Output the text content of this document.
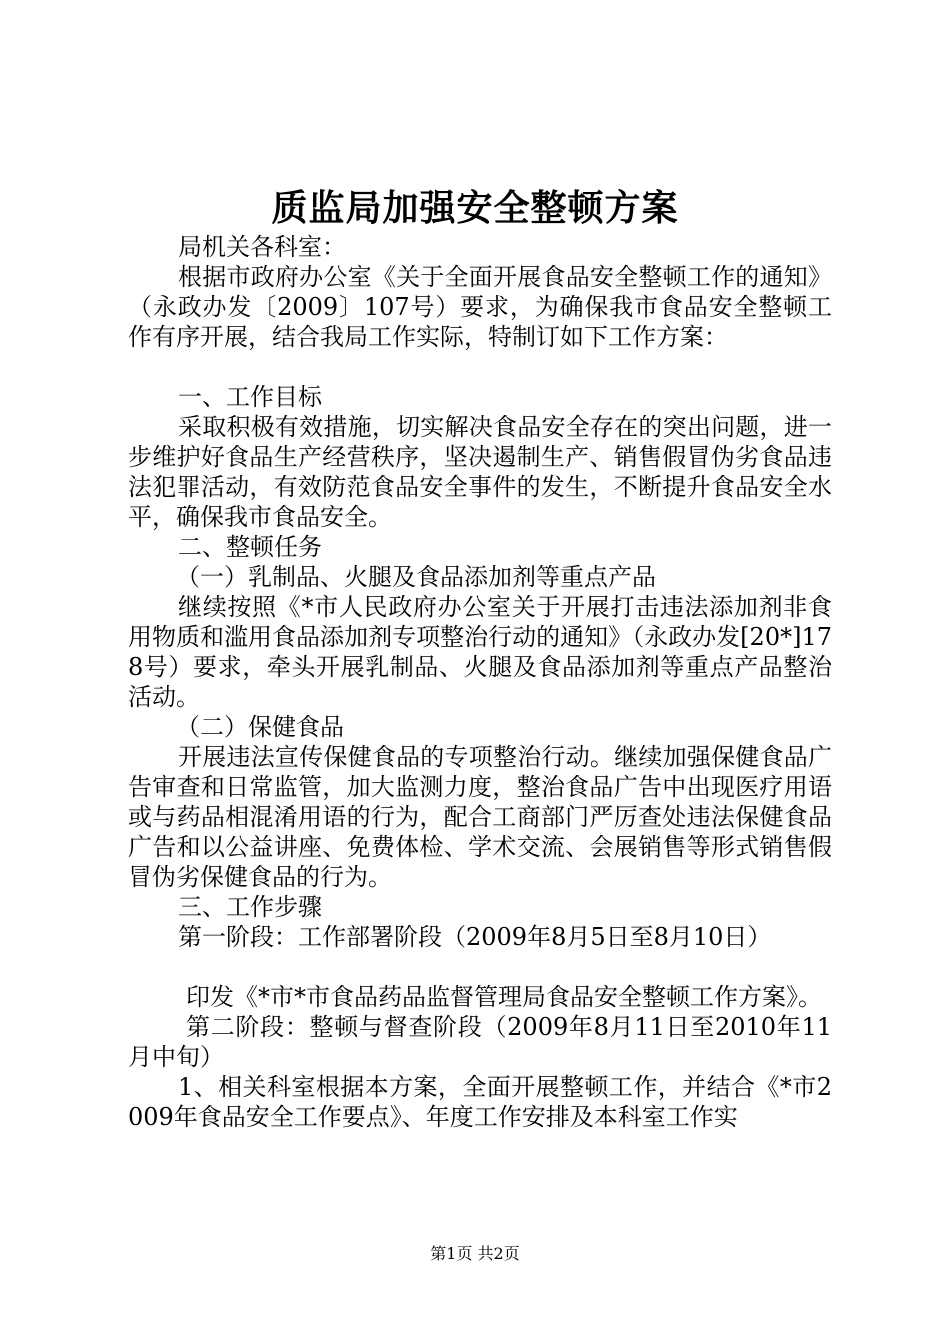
质监局加强安全整顿方案

局机关各科室：

根据市政府办公室《关于全面开展食品安全整顿工作的通知》（永政办发〔2009〕107号）要求，为确保我市食品安全整顿工作有序开展，结合我局工作实际，特制订如下工作方案：

一、工作目标

采取积极有效措施，切实解决食品安全存在的突出问题，进一步维护好食品生产经营秩序，坚决遏制生产、销售假冒伪劣食品违法犯罪活动，有效防范食品安全事件的发生，不断提升食品安全水平，确保我市食品安全。

二、整顿任务

（一）乳制品、火腿及食品添加剂等重点产品

继续按照《*市人民政府办公室关于开展打击违法添加剂非食用物质和滥用食品添加剂专项整治行动的通知》（永政办发[20*]178号）要求，牵头开展乳制品、火腿及食品添加剂等重点产品整治活动。

（二）保健食品

开展违法宣传保健食品的专项整治行动。继续加强保健食品广告审查和日常监管，加大监测力度，整治食品广告中出现医疗用语或与药品相混淆用语的行为，配合工商部门严厉查处违法保健食品广告和以公益讲座、免费体检、学术交流、会展销售等形式销售假冒伪劣保健食品的行为。

三、工作步骤

第一阶段：工作部署阶段（2009年8月5日至8月10日）

印发《*市*市食品药品监督管理局食品安全整顿工作方案》。

第二阶段：整顿与督查阶段（2009年8月11日至2010年11月中旬）

1、相关科室根据本方案，全面开展整顿工作，并结合《*市2009年食品安全工作要点》、年度工作安排及本科室工作实

第1页 共2页
